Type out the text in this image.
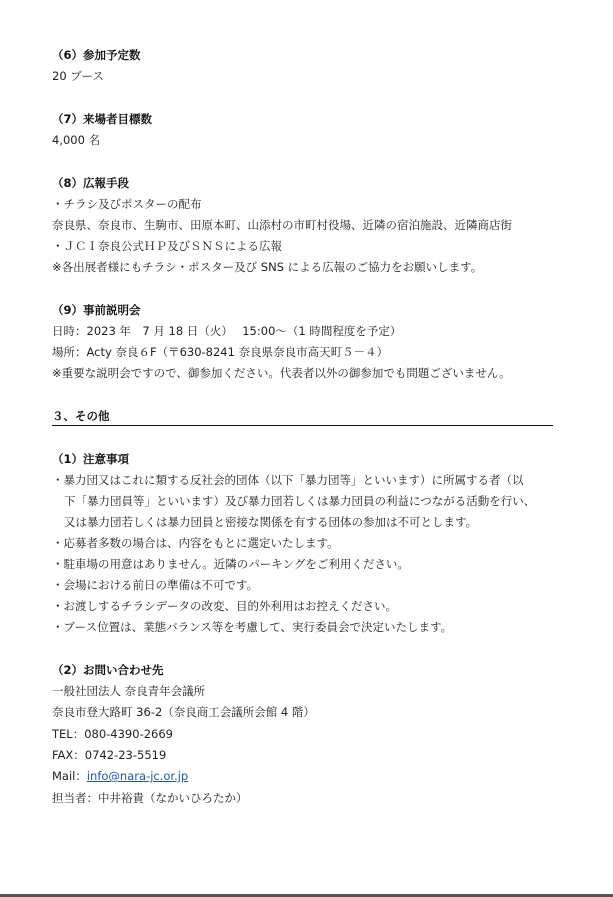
（6）参加予定数
20 ブース
（7）来場者目標数
4,000 名
（8）広報手段
・チラシ及びポスターの配布
奈良県、奈良市、生駒市、田原本町、山添村の市町村役場、近隣の宿泊施設、近隣商店街
・ＪＣＩ奈良公式ＨＰ及びＳＮＳによる広報
※各出展者様にもチラシ・ポスター及び SNS による広報のご協力をお願いします。
（9）事前説明会
日時：2023 年　7 月 18 日（火）　 15:00～（1 時間程度を予定）
場所：Acty 奈良６F（〒630-8241 奈良県奈良市高天町５－４）
※重要な説明会ですので、御参加ください。代表者以外の御参加でも問題ございません。
３、その他
（1）注意事項
・暴力団又はこれに類する反社会的団体（以下「暴力団等」といいます）に所属する者（以
下「暴力団員等」といいます）及び暴力団若しくは暴力団員の利益につながる活動を行い、
又は暴力団若しくは暴力団員と密接な関係を有する団体の参加は不可とします。
・応募者多数の場合は、内容をもとに選定いたします。
・駐車場の用意はありません。近隣のパーキングをご利用ください。
・会場における前日の準備は不可です。
・お渡しするチラシデータの改変、目的外利用はお控えください。
・ブース位置は、業態バランス等を考慮して、実行委員会で決定いたします。
（2）お問い合わせ先
一般社団法人 奈良青年会議所
奈良市登大路町 36-2（奈良商工会議所会館 4 階）
TEL：080-4390-2669
FAX：0742-23-5519
Mail：info@nara-jc.or.jp
担当者：中井裕貴（なかいひろたか）
